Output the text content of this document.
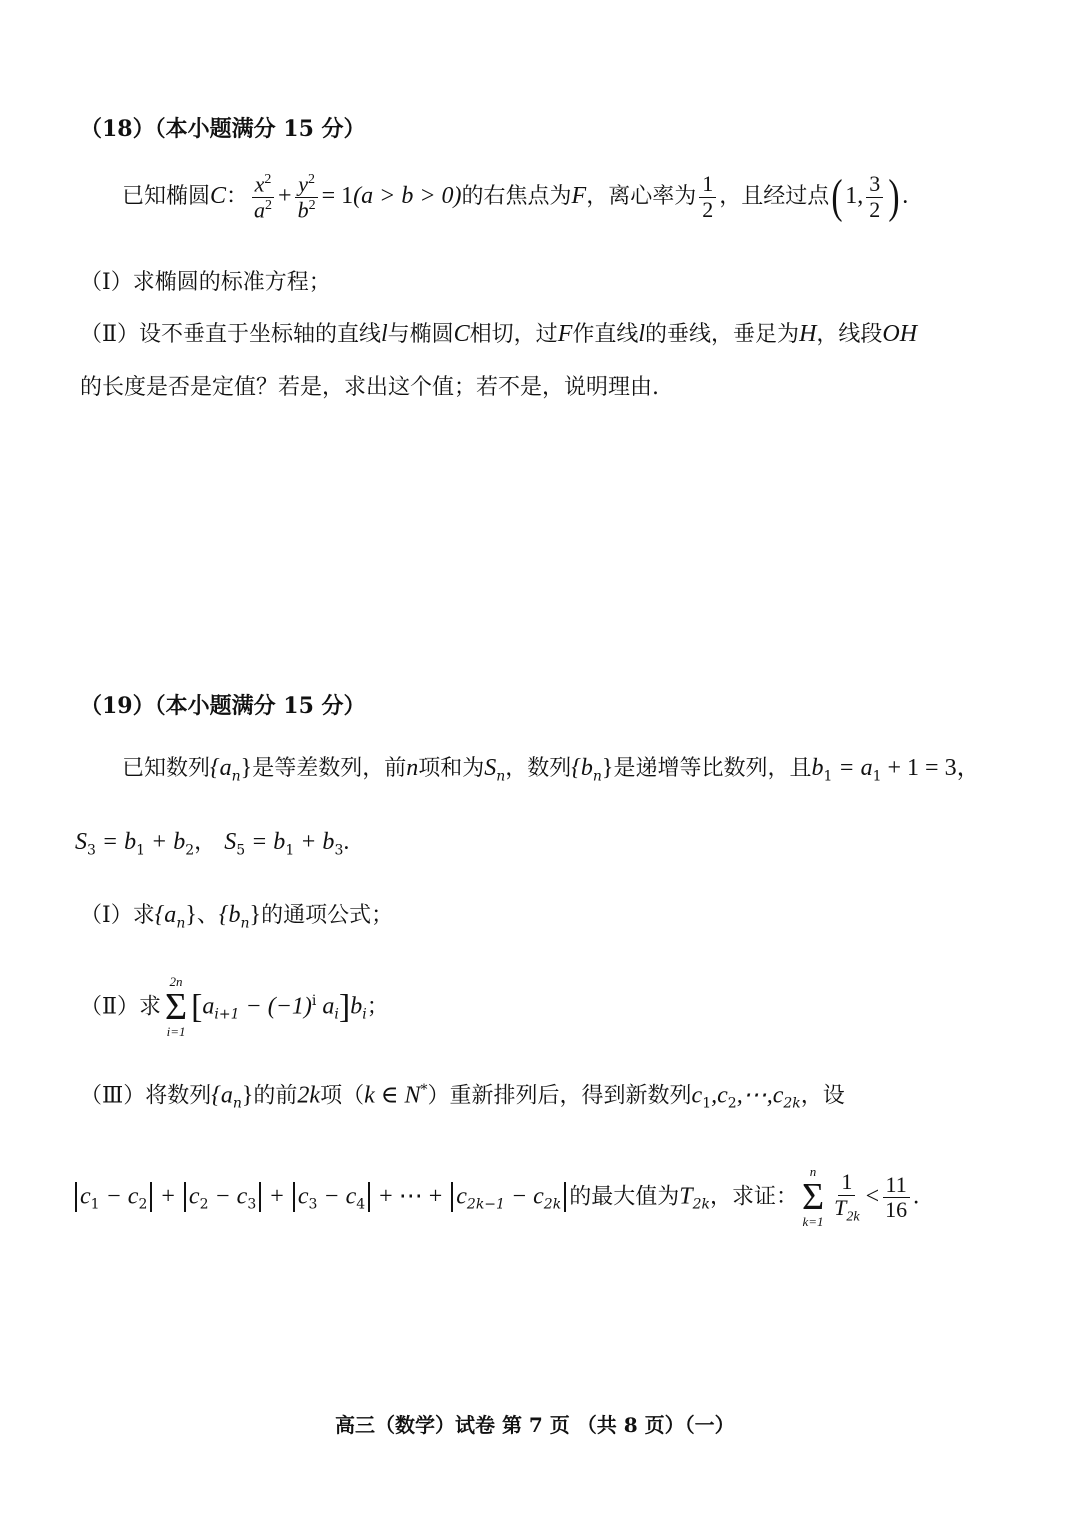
（18）（本小题满分 15 分）
已知椭圆C： $\frac{x^2}{a^2} + \frac{y^2}{b^2} = 1(a > b > 0)$的右焦点为F，离心率为 $\frac{1}{2}$ ，且经过点(1, $\frac{3}{2}$ ).
（Ⅰ）求椭圆的标准方程；
（Ⅱ）设不垂直于坐标轴的直线l与椭圆C相切，过F作直线l的垂线，垂足为H，线段OH
的长度是否是定值？若是，求出这个值；若不是，说明理由.
（19）（本小题满分 15 分）
已知数列$\{a_n\}$是等差数列，前n项和为$S_n$，数列$\{b_n\}$是递增等比数列，且$b_1 = a_1 + 1 = 3$，
$S_3 = b_1 + b_2$， $S_5 = b_1 + b_3$.
（Ⅰ）求$\{a_n\}$、$\{b_n\}$的通项公式；
（Ⅱ）求
2n
Σ
i=1
[$a_{i+1} - (-1)^i$ $a_i]b_i$；
（Ⅲ）将数列$\{a_n\}$的前2k项（k ∈ N*）重新排列后，得到新数列$c_1,c_2,\cdots,c_{2k}$，设
$c_1 - c_2 + c_2 - c_3 + c_3 - c_4$ + ⋯ + $c_{2k-1} - c_{2k}$ 的最大值为$T_{2k}$，求证：
n
Σ
$k=1 \frac{1}{T_{2k}} < \frac{11}{16}$ .
高三（数学）试卷 第 7 页 （共 8 页）（一）
